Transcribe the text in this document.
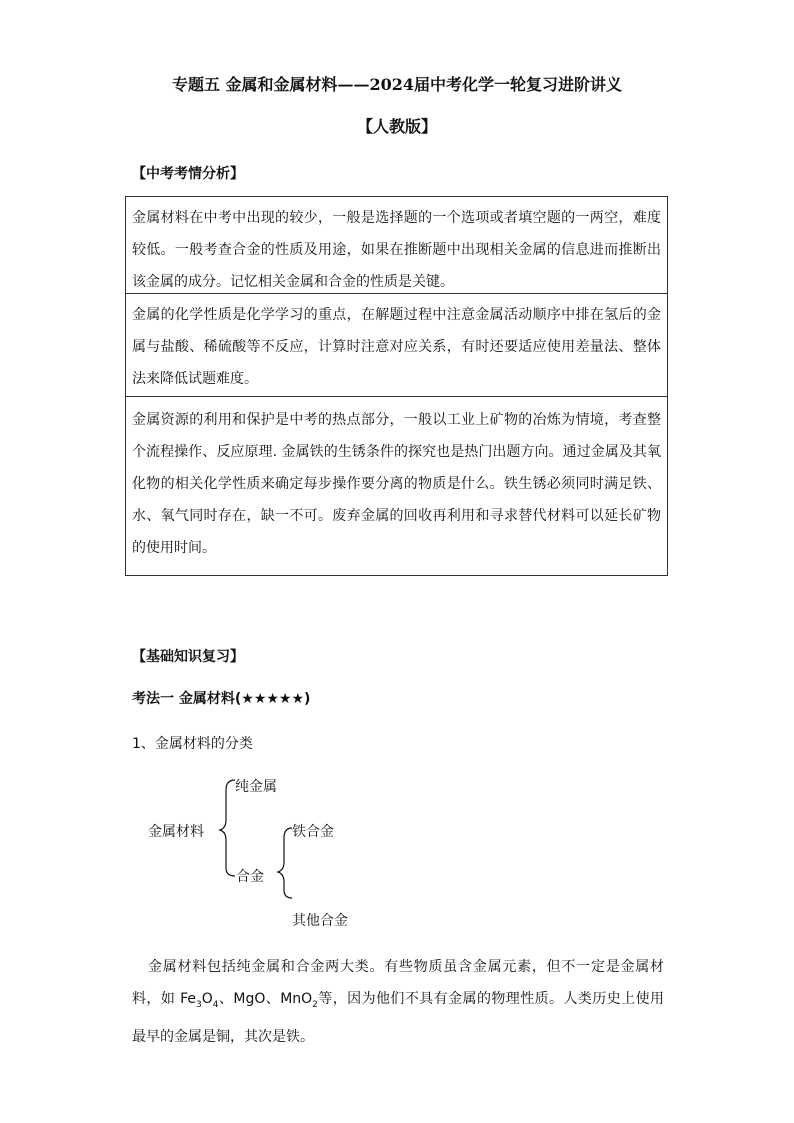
专题五 金属和金属材料——2024届中考化学一轮复习进阶讲义
【人教版】
【中考考情分析】
金属材料在中考中出现的较少，一般是选择题的一个选项或者填空题的一两空，难度较低。一般考查合金的性质及用途，如果在推断题中出现相关金属的信息进而推断出该金属的成分。记忆相关金属和合金的性质是关键。
金属的化学性质是化学学习的重点，在解题过程中注意金属活动顺序中排在氢后的金属与盐酸、稀硫酸等不反应，计算时注意对应关系，有时还要适应使用差量法、整体法来降低试题难度。
金属资源的利用和保护是中考的热点部分，一般以工业上矿物的冶炼为情境，考查整个流程操作、反应原理. 金属铁的生锈条件的探究也是热门出题方向。通过金属及其氧化物的相关化学性质来确定每步操作要分离的物质是什么。铁生锈必须同时满足铁、水、氧气同时存在，缺一不可。废弃金属的回收再利用和寻求替代材料可以延长矿物的使用时间。
【基础知识复习】
考法一 金属材料(★★★★★)
1、金属材料的分类
纯金属
金属材料	铁合金
合金
其他合金
金属材料包括纯金属和合金两大类。有些物质虽含金属元素，但不一定是金属材料，如 $Fe_3O_4$、MgO、MnO$_2$等，因为他们不具有金属的物理性质。人类历史上使用最早的金属是铜，其次是铁。
